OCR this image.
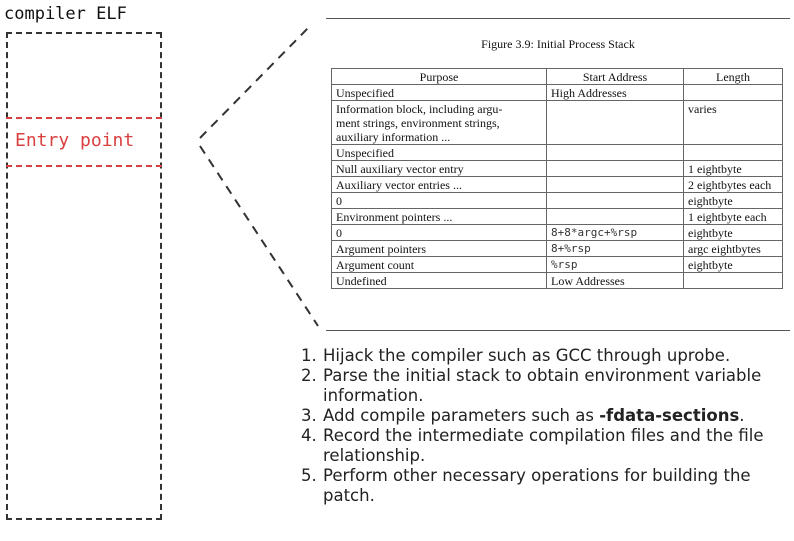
compiler ELF
Entry point
Figure 3.9: Initial Process Stack
Purpose	Start Address	Length
Unspecified	High Addresses	
Information block, including argu-
ment strings, environment strings,
auxiliary information ...		varies
Unspecified		
Null auxiliary vector entry		1 eightbyte
Auxiliary vector entries ...		2 eightbytes each
0		eightbyte
Environment pointers ...		1 eightbyte each
0	8+8*argc+%rsp	eightbyte
Argument pointers	8+%rsp	argc eightbytes
Argument count	%rsp	eightbyte
Undefined	Low Addresses	
1. Hijack the compiler such as GCC through uprobe.
2. Parse the initial stack to obtain environment variable information.
3. Add compile parameters such as -fdata-sections.
4. Record the intermediate compilation files and the file relationship.
5. Perform other necessary operations for building the patch.
